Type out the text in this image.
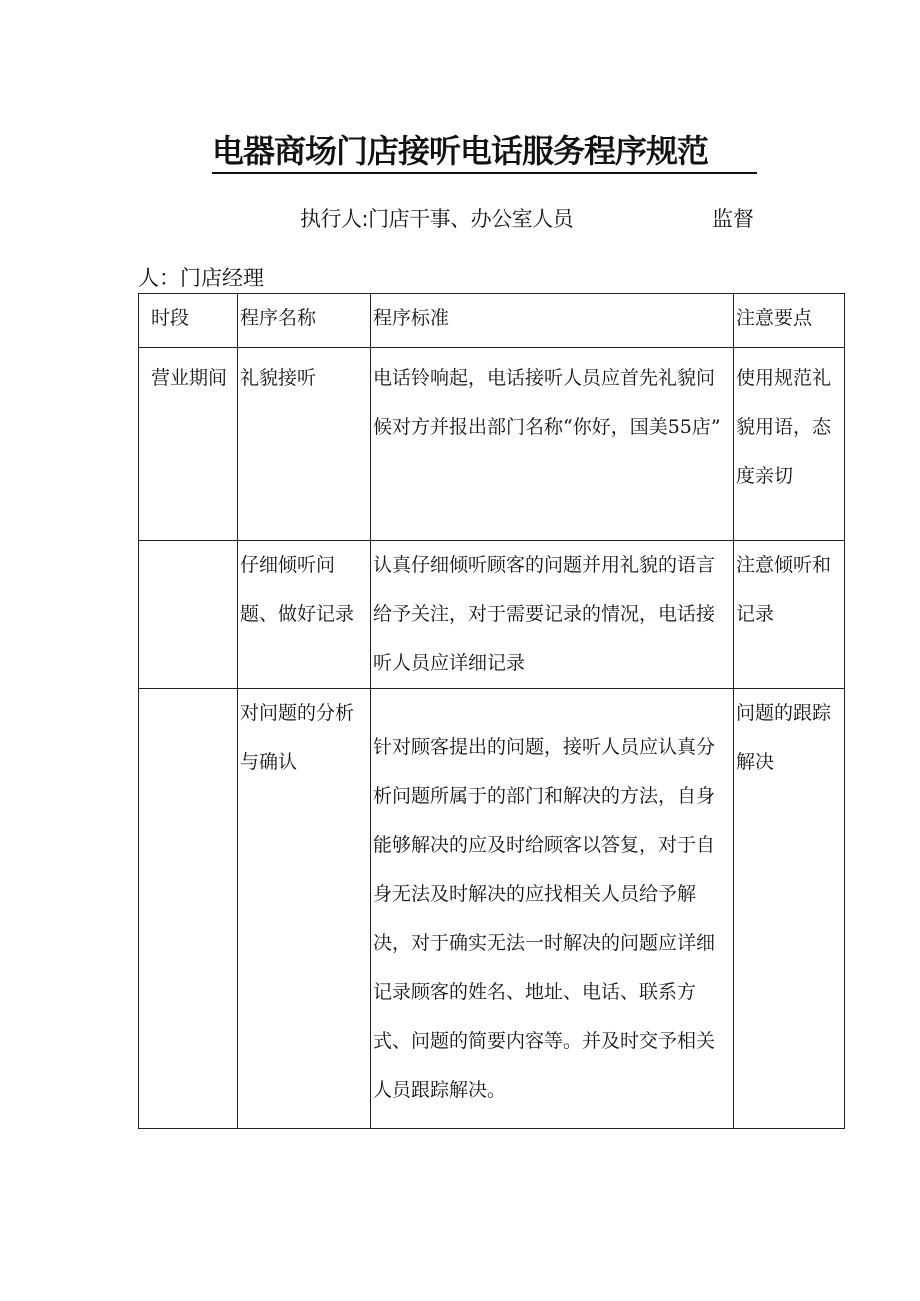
电器商场门店接听电话服务程序规范
执行人:门店干事、办公室人员	监督
人：门店经理
时段	程序名称	程序标准	注意要点
营业期间	礼貌接听	电话铃响起，电话接听人员应首先礼貌问候对方并报出部门名称“你好，国美55店”	使用规范礼貌用语，态度亲切
	仔细倾听问题、做好记录	认真仔细倾听顾客的问题并用礼貌的语言给予关注，对于需要记录的情况，电话接听人员应详细记录	注意倾听和记录
	对问题的分析与确认	针对顾客提出的问题，接听人员应认真分析问题所属于的部门和解决的方法，自身能够解决的应及时给顾客以答复，对于自身无法及时解决的应找相关人员给予解决，对于确实无法一时解决的问题应详细记录顾客的姓名、地址、电话、联系方式、问题的简要内容等。并及时交予相关人员跟踪解决。	问题的跟踪解决
